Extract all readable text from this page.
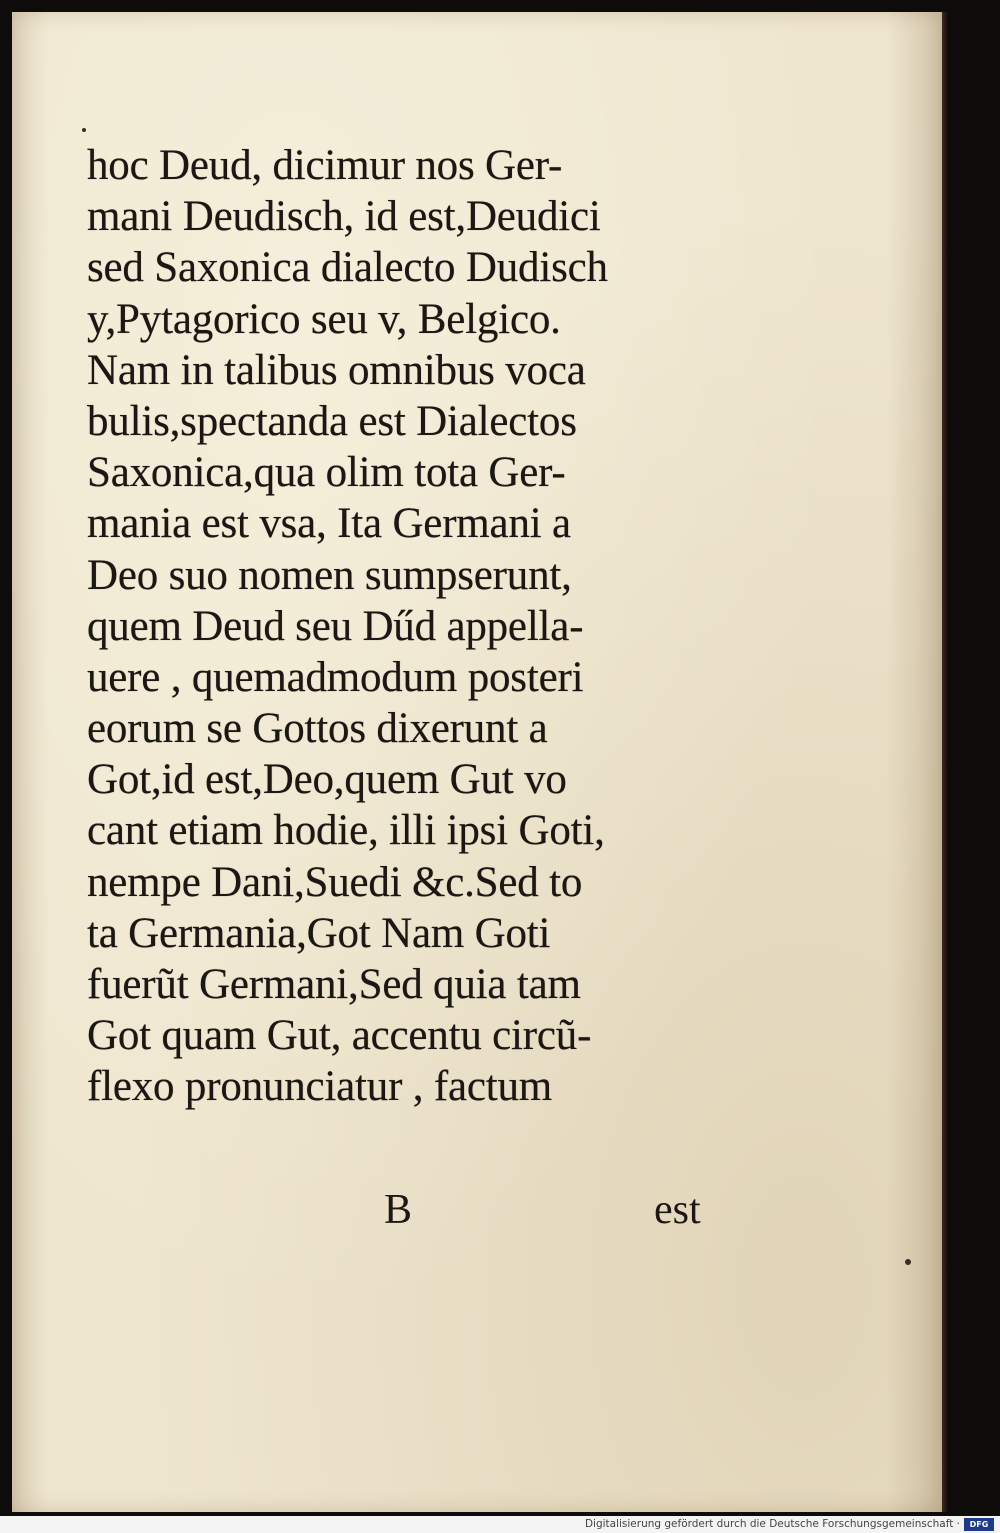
hoc Deud, dicimur nos Ger-
mani Deudisch, id est,Deudici
sed Saxonica dialecto Dudisch
y,Pytagorico seu v, Belgico.
Nam in talibus omnibus voca
bulis,spectanda est Dialectos
Saxonica,qua olim tota Ger-
mania est vsa, Ita Germani a
Deo suo nomen sumpserunt,
quem Deud seu Dűd appella-
uere , quemadmodum posteri
eorum se Gottos dixerunt a
Got,id est,Deo,quem Gut vo
cant etiam hodie, illi ipsi Goti,
nempe Dani,Suedi &c.Sed to
ta Germania,Got Nam Goti
fuerũt Germani,Sed quia tam
Got quam Gut, accentu circũ-
flexo pronunciatur , factum
B	est
Digitalisierung gefördert durch die Deutsche Forschungsgemeinschaft ·	DFG
